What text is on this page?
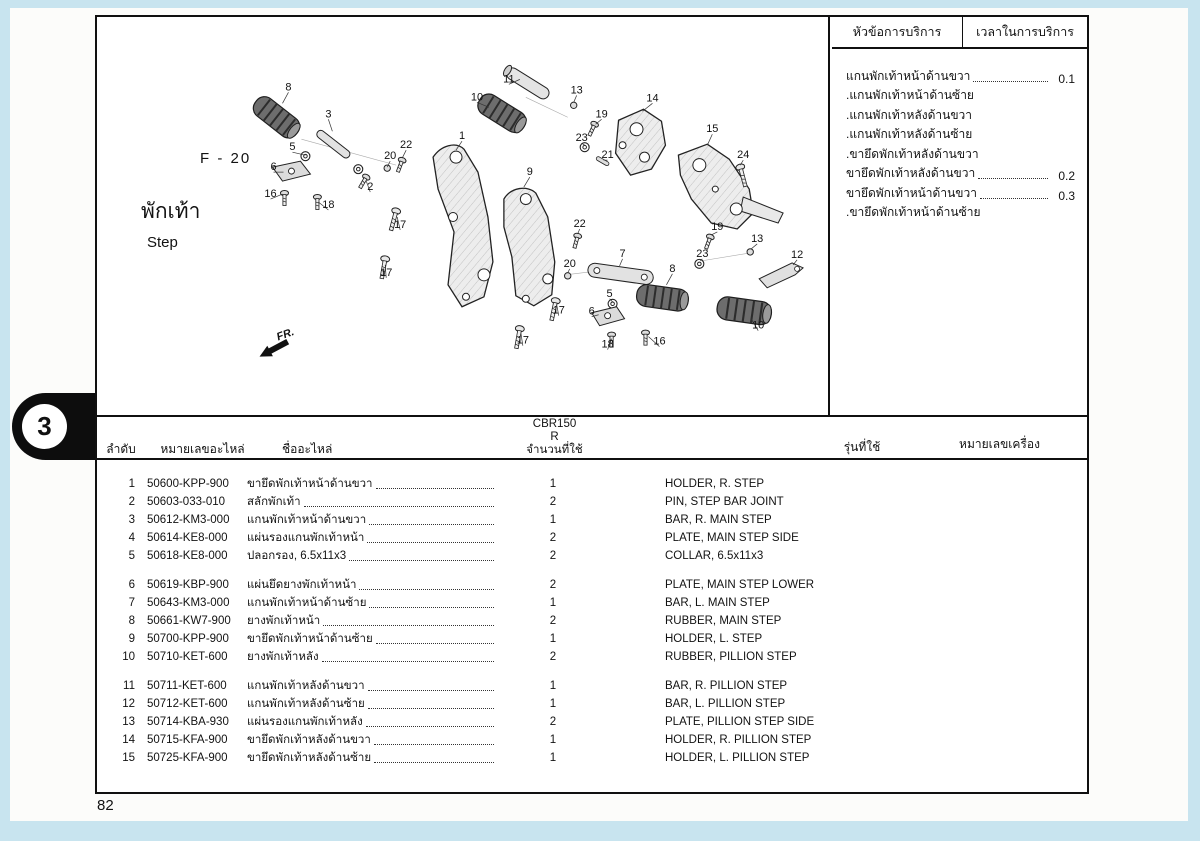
3
FR.
8
3
5
6
16
18
2
20
22
17
17
1
10
11
13
19
23
21
14
15
24
9
22
20
7
19
23
13
12
8
10
5
6
18	16
17
17
F - 20
พักเท้า
Step
หัวข้อการบริการ	เวลาในการบริการ
แกนพักเท้าหน้าด้านขวา	0.1
.แกนพักเท้าหน้าด้านซ้าย
.แกนพักเท้าหลังด้านขวา
.แกนพักเท้าหลังด้านซ้าย
.ขายึดพักเท้าหลังด้านขวา
ขายึดพักเท้าหลังด้านขวา	0.2
ขายึดพักเท้าหน้าด้านขวา	0.3
.ขายึดพักเท้าหน้าด้านซ้าย
ลำดับ	หมายเลขอะไหล่	ชื่ออะไหล่
CBR150
R
จำนวนที่ใช้	รุ่นที่ใช้	หมายเลขเครื่อง
1	50600-KPP-900	ขายึดพักเท้าหน้าด้านขวา	1	HOLDER, R. STEP
2	50603-033-010	สลักพักเท้า	2	PIN, STEP BAR JOINT
3	50612-KM3-000	แกนพักเท้าหน้าด้านขวา	1	BAR, R. MAIN STEP
4	50614-KE8-000	แผ่นรองแกนพักเท้าหน้า	2	PLATE, MAIN STEP SIDE
5	50618-KE8-000	ปลอกรอง, 6.5x11x3	2	COLLAR, 6.5x11x3
6	50619-KBP-900	แผ่นยึดยางพักเท้าหน้า	2	PLATE, MAIN STEP LOWER
7	50643-KM3-000	แกนพักเท้าหน้าด้านซ้าย	1	BAR, L. MAIN STEP
8	50661-KW7-900	ยางพักเท้าหน้า	2	RUBBER, MAIN STEP
9	50700-KPP-900	ขายึดพักเท้าหน้าด้านซ้าย	1	HOLDER, L. STEP
10	50710-KET-600	ยางพักเท้าหลัง	2	RUBBER, PILLION STEP
11	50711-KET-600	แกนพักเท้าหลังด้านขวา	1	BAR, R. PILLION STEP
12	50712-KET-600	แกนพักเท้าหลังด้านซ้าย	1	BAR, L. PILLION STEP
13	50714-KBA-930	แผ่นรองแกนพักเท้าหลัง	2	PLATE, PILLION STEP SIDE
14	50715-KFA-900	ขายึดพักเท้าหลังด้านขวา	1	HOLDER, R. PILLION STEP
15	50725-KFA-900	ขายึดพักเท้าหลังด้านซ้าย	1	HOLDER, L. PILLION STEP
82
